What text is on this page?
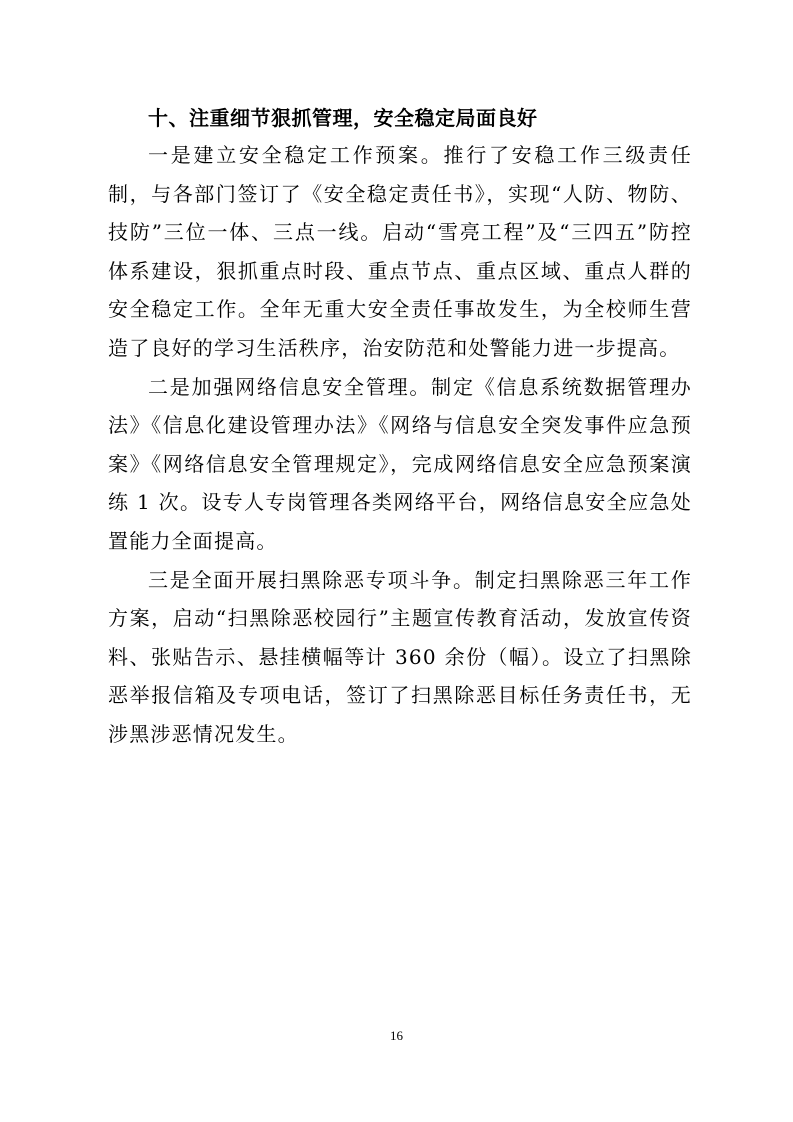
十、注重细节狠抓管理，安全稳定局面良好

一是建立安全稳定工作预案。推行了安稳工作三级责任制，与各部门签订了《安全稳定责任书》，实现“人防、物防、技防”三位一体、三点一线。启动“雪亮工程”及“三四五”防控体系建设，狠抓重点时段、重点节点、重点区域、重点人群的安全稳定工作。全年无重大安全责任事故发生，为全校师生营造了良好的学习生活秩序，治安防范和处警能力进一步提高。

二是加强网络信息安全管理。制定《信息系统数据管理办法》《信息化建设管理办法》《网络与信息安全突发事件应急预案》《网络信息安全管理规定》，完成网络信息安全应急预案演练 1 次。设专人专岗管理各类网络平台，网络信息安全应急处置能力全面提高。

三是全面开展扫黑除恶专项斗争。制定扫黑除恶三年工作方案，启动“扫黑除恶校园行”主题宣传教育活动，发放宣传资料、张贴告示、悬挂横幅等计 360 余份（幅）。设立了扫黑除恶举报信箱及专项电话，签订了扫黑除恶目标任务责任书，无涉黑涉恶情况发生。

16
